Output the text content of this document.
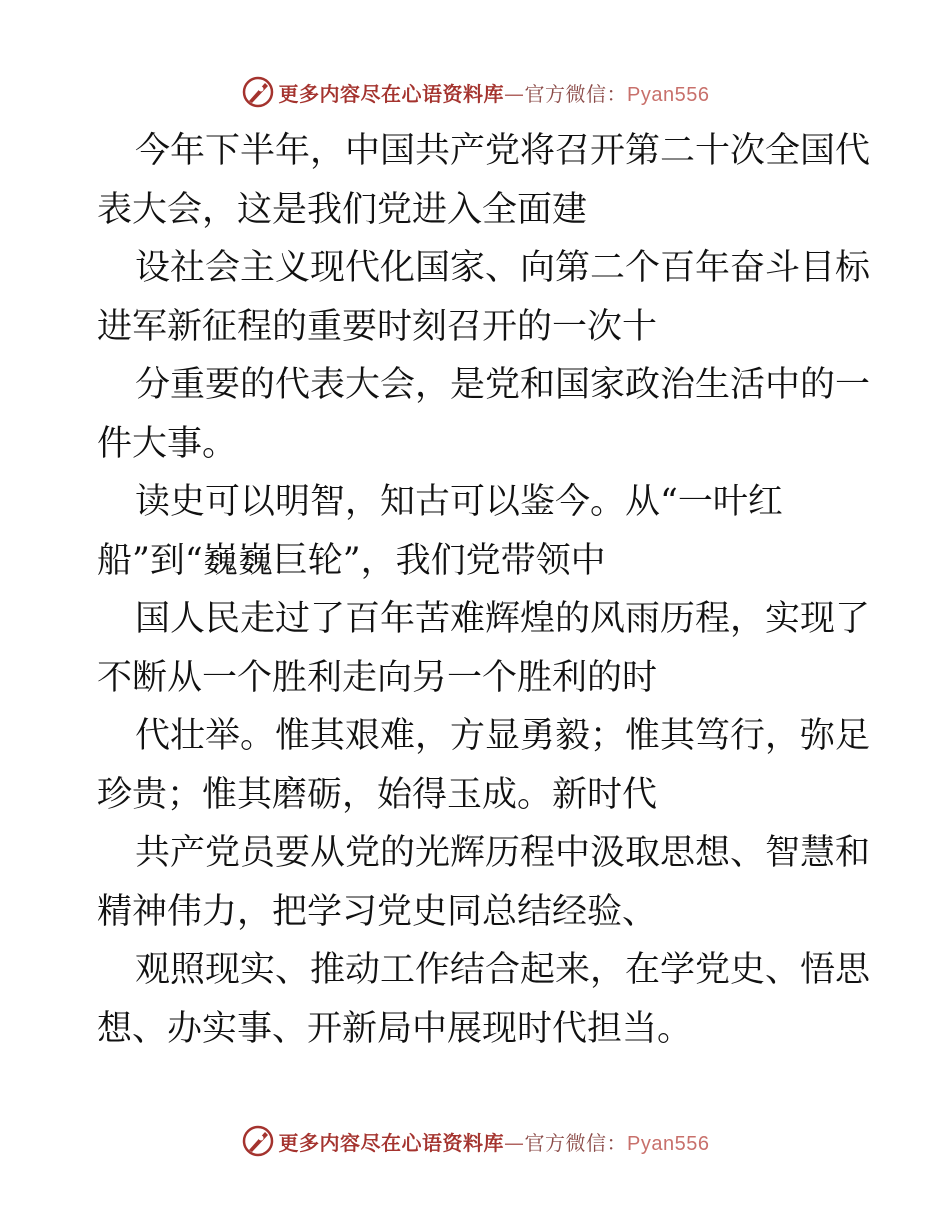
更多内容尽在心语资料库—官方微信：Pyan556
今年下半年，中国共产党将召开第二十次全国代
表大会，这是我们党进入全面建
设社会主义现代化国家、向第二个百年奋斗目标
进军新征程的重要时刻召开的一次十
分重要的代表大会，是党和国家政治生活中的一
件大事。
读史可以明智，知古可以鉴今。从“一叶红
船”到“巍巍巨轮”，我们党带领中
国人民走过了百年苦难辉煌的风雨历程，实现了
不断从一个胜利走向另一个胜利的时
代壮举。惟其艰难，方显勇毅；惟其笃行，弥足
珍贵；惟其磨砺，始得玉成。新时代
共产党员要从党的光辉历程中汲取思想、智慧和
精神伟力，把学习党史同总结经验、
观照现实、推动工作结合起来，在学党史、悟思
想、办实事、开新局中展现时代担当。
更多内容尽在心语资料库—官方微信：Pyan556
